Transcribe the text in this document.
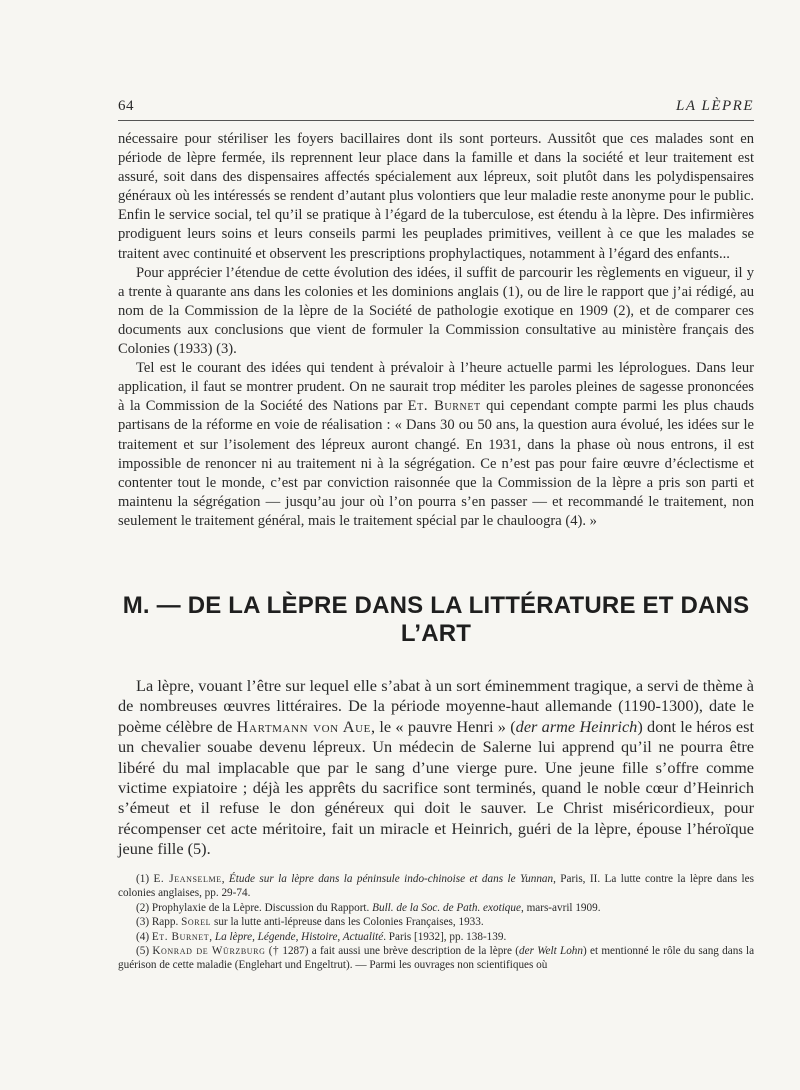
64	LA LÈPRE

nécessaire pour stériliser les foyers bacillaires dont ils sont porteurs. Aussitôt que ces malades sont en période de lèpre fermée, ils reprennent leur place dans la famille et dans la société et leur traitement est assuré, soit dans des dispensaires affectés spécialement aux lépreux, soit plutôt dans les polydispensaires généraux où les intéressés se rendent d’autant plus volontiers que leur maladie reste anonyme pour le public. Enfin le service social, tel qu’il se pratique à l’égard de la tuberculose, est étendu à la lèpre. Des infirmières prodiguent leurs soins et leurs conseils parmi les peuplades primitives, veillent à ce que les malades se traitent avec continuité et observent les prescriptions prophylactiques, notamment à l’égard des enfants...

Pour apprécier l’étendue de cette évolution des idées, il suffit de parcourir les règlements en vigueur, il y a trente à quarante ans dans les colonies et les dominions anglais (1), ou de lire le rapport que j’ai rédigé, au nom de la Commission de la lèpre de la Société de pathologie exotique en 1909 (2), et de comparer ces documents aux conclusions que vient de formuler la Commission consultative au ministère français des Colonies (1933) (3).

Tel est le courant des idées qui tendent à prévaloir à l’heure actuelle parmi les léprologues. Dans leur application, il faut se montrer prudent. On ne saurait trop méditer les paroles pleines de sagesse prononcées à la Commission de la Société des Nations par Et. Burnet qui cependant compte parmi les plus chauds partisans de la réforme en voie de réalisation : « Dans 30 ou 50 ans, la question aura évolué, les idées sur le traitement et sur l’isolement des lépreux auront changé. En 1931, dans la phase où nous entrons, il est impossible de renoncer ni au traitement ni à la ségrégation. Ce n’est pas pour faire œuvre d’éclectisme et contenter tout le monde, c’est par conviction raisonnée que la Commission de la lèpre a pris son parti et maintenu la ségrégation — jusqu’au jour où l’on pourra s’en passer — et recommandé le traitement, non seulement le traitement général, mais le traitement spécial par le chauloogra (4). »

M. — DE LA LÈPRE DANS LA LITTÉRATURE ET DANS L’ART

La lèpre, vouant l’être sur lequel elle s’abat à un sort éminemment tragique, a servi de thème à de nombreuses œuvres littéraires. De la période moyenne-haut allemande (1190-1300), date le poème célèbre de Hartmann von Aue, le « pauvre Henri » (der arme Heinrich) dont le héros est un chevalier souabe devenu lépreux. Un médecin de Salerne lui apprend qu’il ne pourra être libéré du mal implacable que par le sang d’une vierge pure. Une jeune fille s’offre comme victime expiatoire ; déjà les apprêts du sacrifice sont terminés, quand le noble cœur d’Heinrich s’émeut et il refuse le don généreux qui doit le sauver. Le Christ miséricordieux, pour récompenser cet acte méritoire, fait un miracle et Heinrich, guéri de la lèpre, épouse l’héroïque jeune fille (5).

(1) E. Jeanselme, Étude sur la lèpre dans la péninsule indo-chinoise et dans le Yunnan, Paris, II. La lutte contre la lèpre dans les colonies anglaises, pp. 29-74.

(2) Prophylaxie de la Lèpre. Discussion du Rapport. Bull. de la Soc. de Path. exotique, mars-avril 1909.

(3) Rapp. Sorel sur la lutte anti-lépreuse dans les Colonies Françaises, 1933.

(4) Et. Burnet, La lèpre, Légende, Histoire, Actualité. Paris [1932], pp. 138-139.

(5) Konrad de Würzburg († 1287) a fait aussi une brève description de la lèpre (der Welt Lohn) et mentionné le rôle du sang dans la guérison de cette maladie (Englehart und Engeltrut). — Parmi les ouvrages non scientifiques où
